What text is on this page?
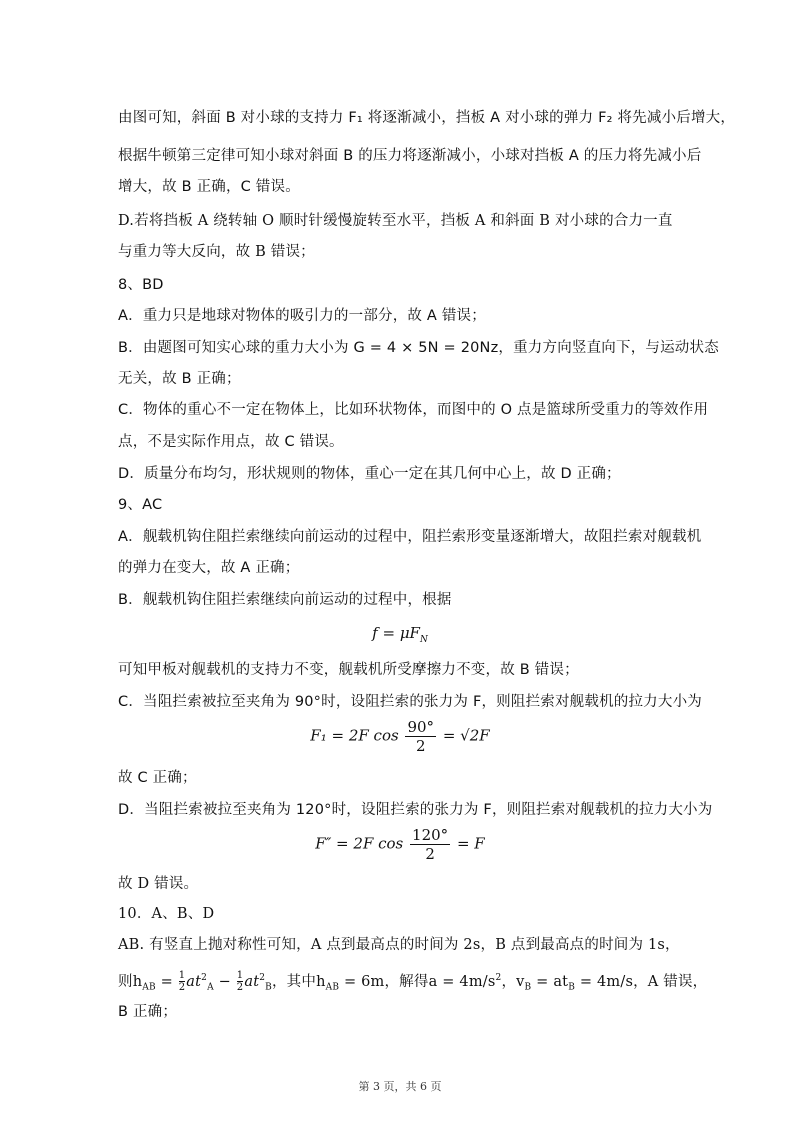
由图可知，斜面 B 对小球的支持力 F₁ 将逐渐减小，挡板 A 对小球的弹力 F₂ 将先减小后增大，
根据牛顿第三定律可知小球对斜面 B 的压力将逐渐减小，小球对挡板 A 的压力将先减小后
增大，故 B 正确，C 错误。
D.若将挡板 A 绕转轴 O 顺时针缓慢旋转至水平，挡板 A 和斜面 B 对小球的合力一直
与重力等大反向，故 B 错误；
8、BD
A．重力只是地球对物体的吸引力的一部分，故 A 错误；
B．由题图可知实心球的重力大小为 G = 4 × 5N = 20Nz，重力方向竖直向下，与运动状态
无关，故 B 正确；
C．物体的重心不一定在物体上，比如环状物体，而图中的 O 点是篮球所受重力的等效作用
点，不是实际作用点，故 C 错误。
D．质量分布均匀，形状规则的物体，重心一定在其几何中心上，故 D 正确；
9、AC
A．舰载机钩住阻拦索继续向前运动的过程中，阻拦索形变量逐渐增大，故阻拦索对舰载机
的弹力在变大，故 A 正确；
B．舰载机钩住阻拦索继续向前运动的过程中，根据
$f = \mu F_N$
可知甲板对舰载机的支持力不变，舰载机所受摩擦力不变，故 B 错误；
C．当阻拦索被拉至夹角为 90°时，设阻拦索的张力为 F，则阻拦索对舰载机的拉力大小为
F₁ = 2F $\cos \frac{90^\circ}{2} = √2F$
故 C 正确；
D．当阻拦索被拉至夹角为 120°时，设阻拦索的张力为 F，则阻拦索对舰载机的拉力大小为
F″ = 2F $\cos \frac{120^\circ}{2} = F$
故 D 错误。
10．A、B、D
AB. 有竖直上抛对称性可知，A 点到最高点的时间为 2s，B 点到最高点的时间为 1s，
则$h_{AB} = \frac{1}{2} at^2_A - \frac{1}{2} at^2_B$，其中$h_{AB} = 6m$，解得$a = 4m/s^2$，$v_B = at_B = 4m/s$，A 错误，
B 正确；
第 3 页，共 6 页
